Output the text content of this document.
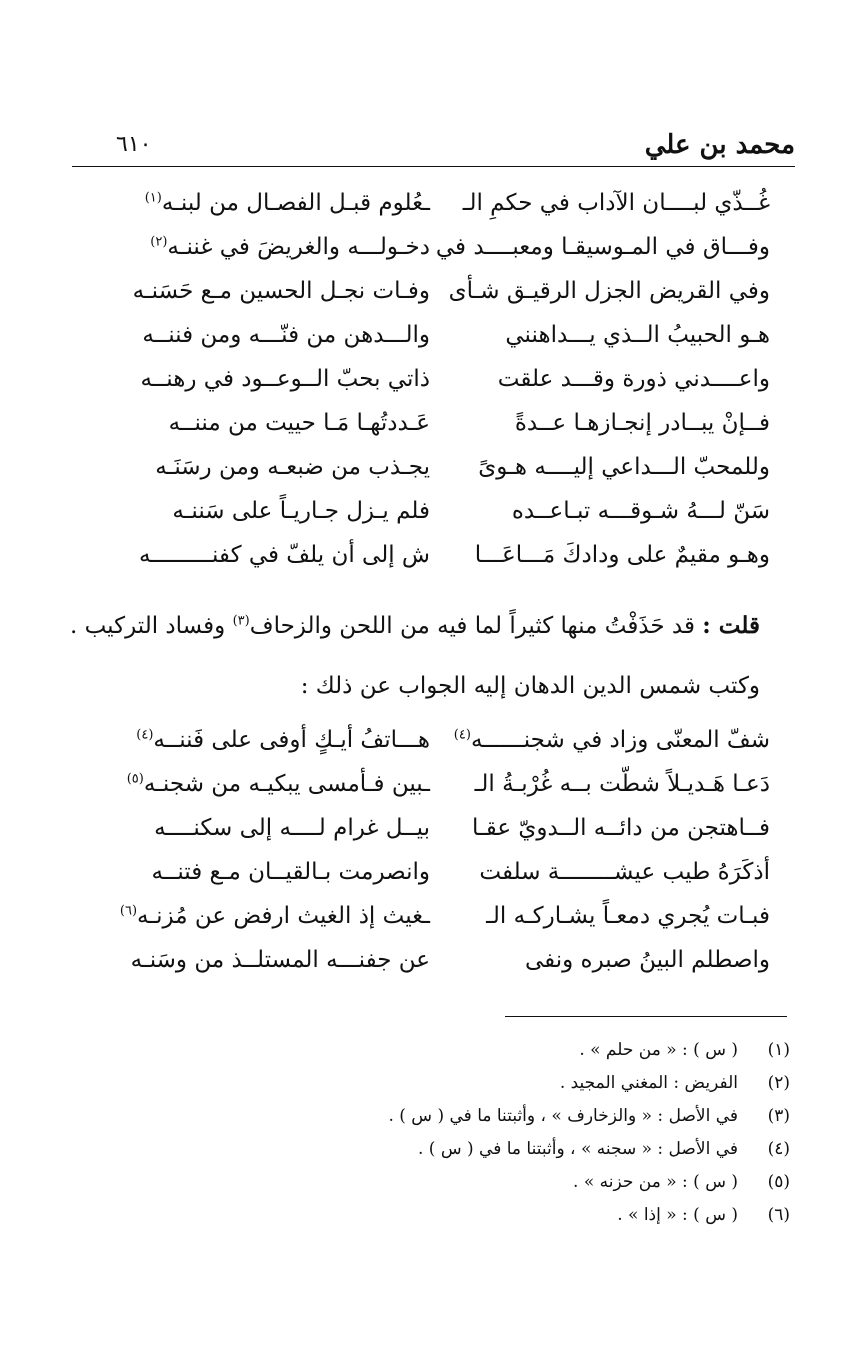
محمد بن علي
٦١٠
غُــذّي لبــــان الآداب في حكمِ الـ
ـعُلوم قبـل الفصـال من لبنـه$^{(١)}$
وفـــاق في المـوسيقـا ومعبــــد في
دخـولـــه والغريضَ في غننـه$^{(٢)}$
وفي القريض الجزل الرقيـق شـأى
وفـات نجـل الحسين مـع حَسَنـه
هـو الحبيبُ الــذي يـــداهنني
والـــدهن من فنّـــه ومن فننــه
واعــــدني ذورة وقـــد علقت
ذاتي بحبّ الــوعــود في رهنــه
فــإنْ يبــادر إنجـازهـا عــدةً
عَـددتُهـا مَـا حييت من مننــه
وللمحبّ الـــداعي إليــــه هـوىً
يجـذب من ضبعـه ومن رسَنَـه
سَنّ لـــهُ شـوقـــه تبـاعــده
فلم يـزل جـاريـاً على سَننـه
وهـو مقيمٌ على ودادكَ مَـــاعَـــا
ش إلى أن يلفّ في كفنـــــــــه
قلت : قد حَذَفْتُ منها كثيراً لما فيه من اللحن والزحاف$^{(٣)}$ وفساد التركيب .
وكتب شمس الدين الدهان إليه الجواب عن ذلك :
شفّ المعنّى وزاد في شجنــــــه$^{(٤)}$
هـــاتفُ أيـكٍ أوفى على فَننــه$^{(٤)}$
دَعـا هَـديـلاً شطّت بــه غُرْبـةُ الـ
ـبين فـأمسى يبكيـه من شجنـه$^{(٥)}$
فــاهتجن من دائــه الــدويّ عقـا
بيــل غرام لــــه إلى سكنــــه
أذكَرَهُ طيب عيشــــــــة سلفت
وانصرمت بـالقيــان مـع فتنــه
فبـات يُجري دمعـاً يشـاركـه الـ
ـغيث إذ الغيث ارفض عن مُزنـه$^{(٦)}$
واصطلم البينُ صبره ونفى
عن جفنـــه المستلــذ من وسَنـه
(١)( س ) : « من حلم » .
(٢)الفريض : المغني المجيد .
(٣)في الأصل : « والزخارف » ، وأثبتنا ما في ( س ) .
(٤)في الأصل : « سجنه » ، وأثبتنا ما في ( س ) .
(٥)( س ) : « من حزنه » .
(٦)( س ) : « إذا » .
